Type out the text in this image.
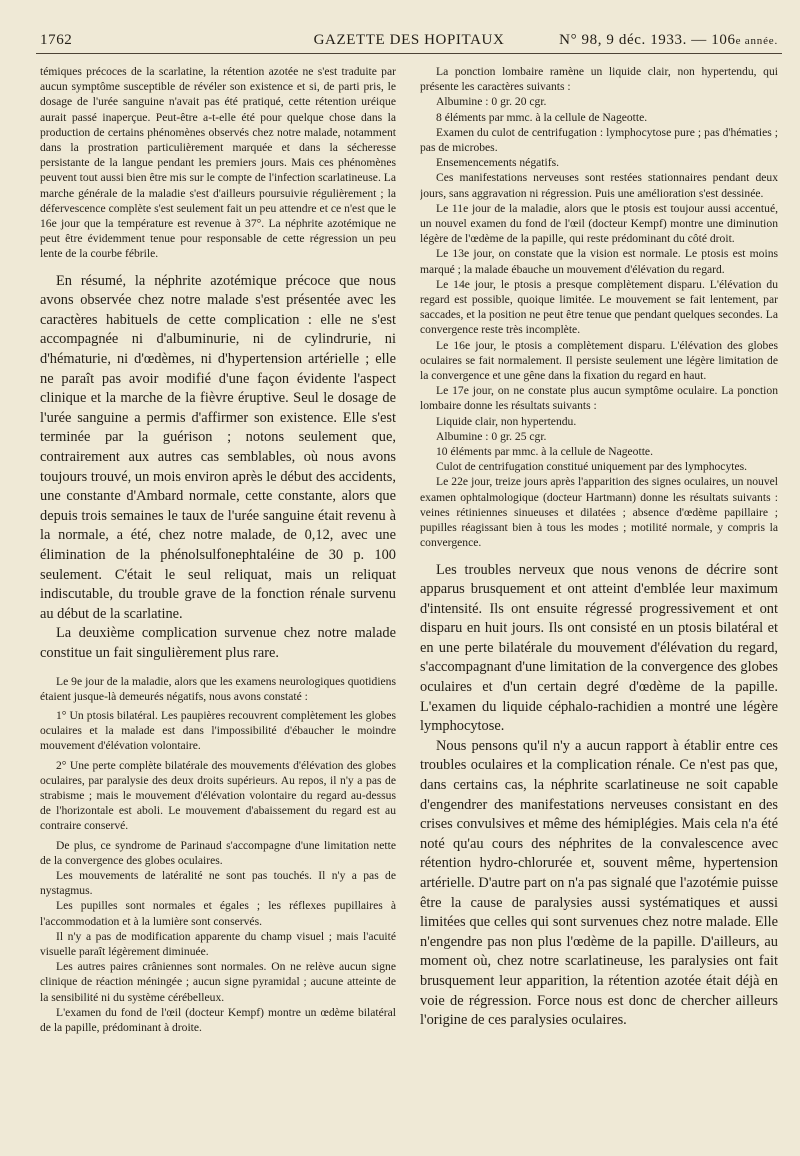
1762	GAZETTE DES HOPITAUX	N° 98, 9 déc. 1933. — 106e année.

témiques précoces de la scarlatine, la rétention azotée ne s'est traduite par aucun symptôme susceptible de révéler son existence et si, de parti pris, le dosage de l'urée sanguine n'avait pas été pratiqué, cette rétention uréique aurait passé inaperçue. Peut-être a-t-elle été pour quelque chose dans la production de certains phénomènes observés chez notre malade, notamment dans la prostration particulièrement marquée et dans la sécheresse persistante de la langue pendant les premiers jours. Mais ces phénomènes peuvent tout aussi bien être mis sur le compte de l'infection scarlatineuse. La marche générale de la maladie s'est d'ailleurs poursuivie régulièrement ; la défervescence complète s'est seulement fait un peu attendre et ce n'est que le 16e jour que la température est revenue à 37°. La néphrite azotémique ne peut être évidemment tenue pour responsable de cette régression un peu lente de la courbe fébrile.

En résumé, la néphrite azotémique précoce que nous avons observée chez notre malade s'est présentée avec les caractères habituels de cette complication : elle ne s'est accompagnée ni d'albuminurie, ni de cylindrurie, ni d'hématurie, ni d'œdèmes, ni d'hypertension artérielle ; elle ne paraît pas avoir modifié d'une façon évidente l'aspect clinique et la marche de la fièvre éruptive. Seul le dosage de l'urée sanguine a permis d'affirmer son existence. Elle s'est terminée par la guérison ; notons seulement que, contrairement aux autres cas semblables, où nous avons toujours trouvé, un mois environ après le début des accidents, une constante d'Ambard normale, cette constante, alors que depuis trois semaines le taux de l'urée sanguine était revenu à la normale, a été, chez notre malade, de 0,12, avec une élimination de la phénolsulfonephtaléine de 30 p. 100 seulement. C'était le seul reliquat, mais un reliquat indiscutable, du trouble grave de la fonction rénale survenu au début de la scarlatine.

La deuxième complication survenue chez notre malade constitue un fait singulièrement plus rare.

Le 9e jour de la maladie, alors que les examens neurologiques quotidiens étaient jusque-là demeurés négatifs, nous avons constaté :

1° Un ptosis bilatéral. Les paupières recouvrent complètement les globes oculaires et la malade est dans l'impossibilité d'ébaucher le moindre mouvement d'élévation volontaire.

2° Une perte complète bilatérale des mouvements d'élévation des globes oculaires, par paralysie des deux droits supérieurs. Au repos, il n'y a pas de strabisme ; mais le mouvement d'élévation volontaire du regard au-dessus de l'horizontale est aboli. Le mouvement d'abaissement du regard est au contraire conservé.

De plus, ce syndrome de Parinaud s'accompagne d'une limitation nette de la convergence des globes oculaires.

Les mouvements de latéralité ne sont pas touchés. Il n'y a pas de nystagmus.

Les pupilles sont normales et égales ; les réflexes pupillaires à l'accommodation et à la lumière sont conservés.

Il n'y a pas de modification apparente du champ visuel ; mais l'acuité visuelle paraît légèrement diminuée.

Les autres paires crâniennes sont normales. On ne relève aucun signe clinique de réaction méningée ; aucun signe pyramidal ; aucune atteinte de la sensibilité ni du système cérébelleux.

L'examen du fond de l'œil (docteur Kempf) montre un œdème bilatéral de la papille, prédominant à droite.

La ponction lombaire ramène un liquide clair, non hypertendu, qui présente les caractères suivants :

Albumine : 0 gr. 20 cgr.

8 éléments par mmc. à la cellule de Nageotte.

Examen du culot de centrifugation : lymphocytose pure ; pas d'hématies ; pas de microbes.

Ensemencements négatifs.

Ces manifestations nerveuses sont restées stationnaires pendant deux jours, sans aggravation ni régression. Puis une amélioration s'est dessinée.

Le 11e jour de la maladie, alors que le ptosis est toujour aussi accentué, un nouvel examen du fond de l'œil (docteur Kempf) montre une diminution légère de l'œdème de la papille, qui reste prédominant du côté droit.

Le 13e jour, on constate que la vision est normale. Le ptosis est moins marqué ; la malade ébauche un mouvement d'élévation du regard.

Le 14e jour, le ptosis a presque complètement disparu. L'élévation du regard est possible, quoique limitée. Le mouvement se fait lentement, par saccades, et la position ne peut être tenue que pendant quelques secondes. La convergence reste très incomplète.

Le 16e jour, le ptosis a complètement disparu. L'élévation des globes oculaires se fait normalement. Il persiste seulement une légère limitation de la convergence et une gêne dans la fixation du regard en haut.

Le 17e jour, on ne constate plus aucun symptôme oculaire. La ponction lombaire donne les résultats suivants :

Liquide clair, non hypertendu.

Albumine : 0 gr. 25 cgr.

10 éléments par mmc. à la cellule de Nageotte.

Culot de centrifugation constitué uniquement par des lymphocytes.

Le 22e jour, treize jours après l'apparition des signes oculaires, un nouvel examen ophtalmologique (docteur Hartmann) donne les résultats suivants : veines rétiniennes sinueuses et dilatées ; absence d'œdème papillaire ; pupilles réagissant bien à tous les modes ; motilité normale, y compris la convergence.

Les troubles nerveux que nous venons de décrire sont apparus brusquement et ont atteint d'emblée leur maximum d'intensité. Ils ont ensuite régressé progressivement et ont disparu en huit jours. Ils ont consisté en un ptosis bilatéral et en une perte bilatérale du mouvement d'élévation du regard, s'accompagnant d'une limitation de la convergence des globes oculaires et d'un certain degré d'œdème de la papille. L'examen du liquide céphalo-rachidien a montré une légère lymphocytose.

Nous pensons qu'il n'y a aucun rapport à établir entre ces troubles oculaires et la complication rénale. Ce n'est pas que, dans certains cas, la néphrite scarlatineuse ne soit capable d'engendrer des manifestations nerveuses consistant en des crises convulsives et même des hémiplégies. Mais cela n'a été noté qu'au cours des néphrites de la convalescence avec rétention hydro-chlorurée et, souvent même, hypertension artérielle. D'autre part on n'a pas signalé que l'azotémie puisse être la cause de paralysies aussi systématiques et aussi limitées que celles qui sont survenues chez notre malade. Elle n'engendre pas non plus l'œdème de la papille. D'ailleurs, au moment où, chez notre scarlatineuse, les paralysies ont fait brusquement leur apparition, la rétention azotée était déjà en voie de régression. Force nous est donc de chercher ailleurs l'origine de ces paralysies oculaires.
